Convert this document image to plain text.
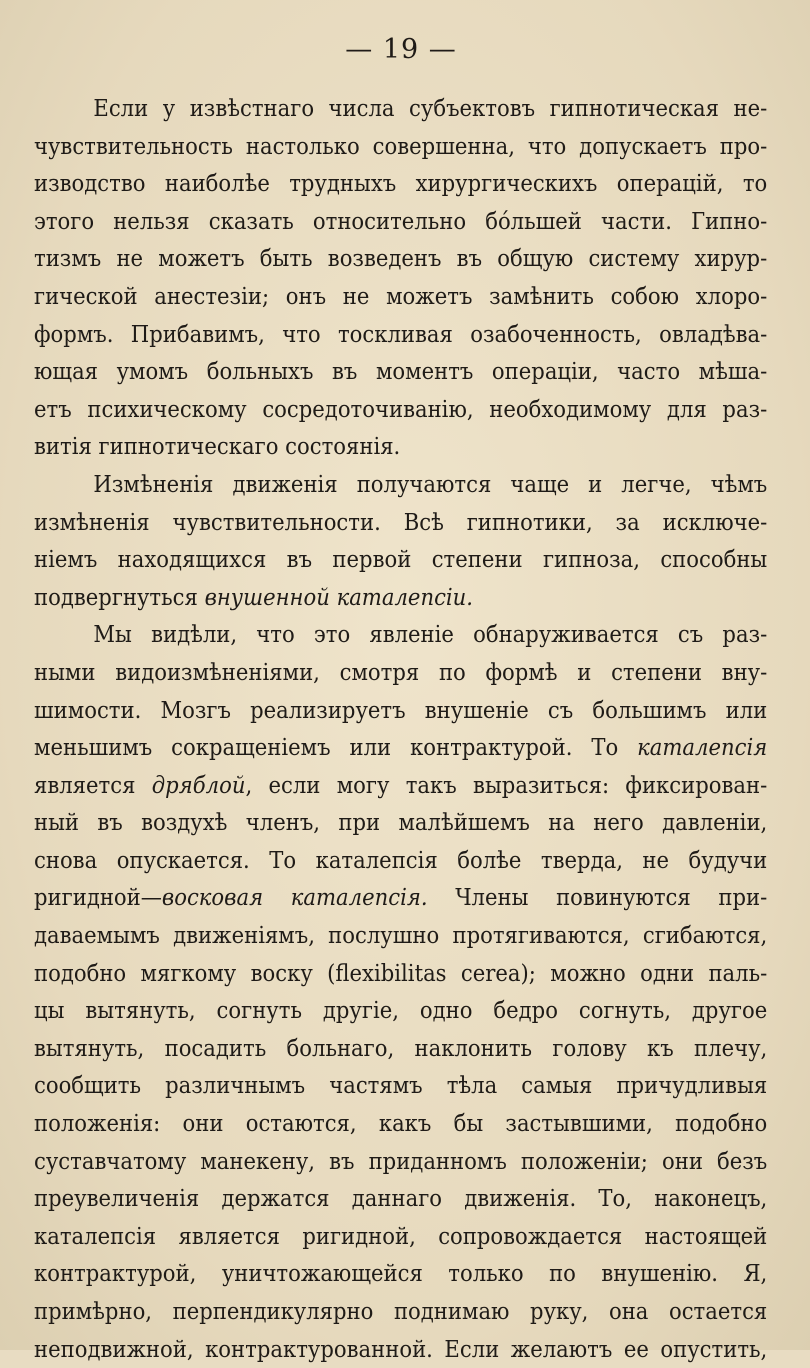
— 19 —
Если у извѣстнаго числа субъектовъ гипнотическая не-
чувствительность настолько совершенна, что допускаетъ про-
изводство наиболѣе трудныхъ хирургическихъ операцій, то
этого нельзя сказать относительно бо́льшей части. Гипно-
тизмъ не можетъ быть возведенъ въ общую систему хирур-
гической анестезіи; онъ не можетъ замѣнить собою хлоро-
формъ. Прибавимъ, что тоскливая озабоченность, овладѣва-
ющая умомъ больныхъ въ моментъ операціи, часто мѣша-
етъ психическому сосредоточиванію, необходимому для раз-
витія гипнотическаго состоянія.
Измѣненія движенія получаются чаще и легче, чѣмъ
измѣненія чувствительности. Всѣ гипнотики, за исключе-
ніемъ находящихся въ первой степени гипноза, способны
подвергнуться внушенной каталепсіи.
Мы видѣли, что это явленіе обнаруживается съ раз-
ными видоизмѣненіями, смотря по формѣ и степени вну-
шимости. Мозгъ реализируетъ внушеніе съ большимъ или
меньшимъ сокращеніемъ или контрактурой. То каталепсія
является дряблой, если могу такъ выразиться: фиксирован-
ный въ воздухѣ членъ, при малѣйшемъ на него давленіи,
снова опускается. То каталепсія болѣе тверда, не будучи
ригидной—восковая каталепсія. Члены повинуются при-
даваемымъ движеніямъ, послушно протягиваются, сгибаются,
подобно мягкому воску (flexibilitas cerea); можно одни паль-
цы вытянуть, согнуть другіе, одно бедро согнуть, другое
вытянуть, посадить больнаго, наклонить голову къ плечу,
сообщить различнымъ частямъ тѣла самыя причудливыя
положенія: они остаются, какъ бы застывшими, подобно
суставчатому манекену, въ приданномъ положеніи; они безъ
преувеличенія держатся даннаго движенія. То, наконецъ,
каталепсія является ригидной, сопровождается настоящей
контрактурой, уничтожающейся только по внушенію. Я,
примѣрно, перпендикулярно поднимаю руку, она остается
неподвижной, контрактурованной. Если желаютъ ее опустить,
